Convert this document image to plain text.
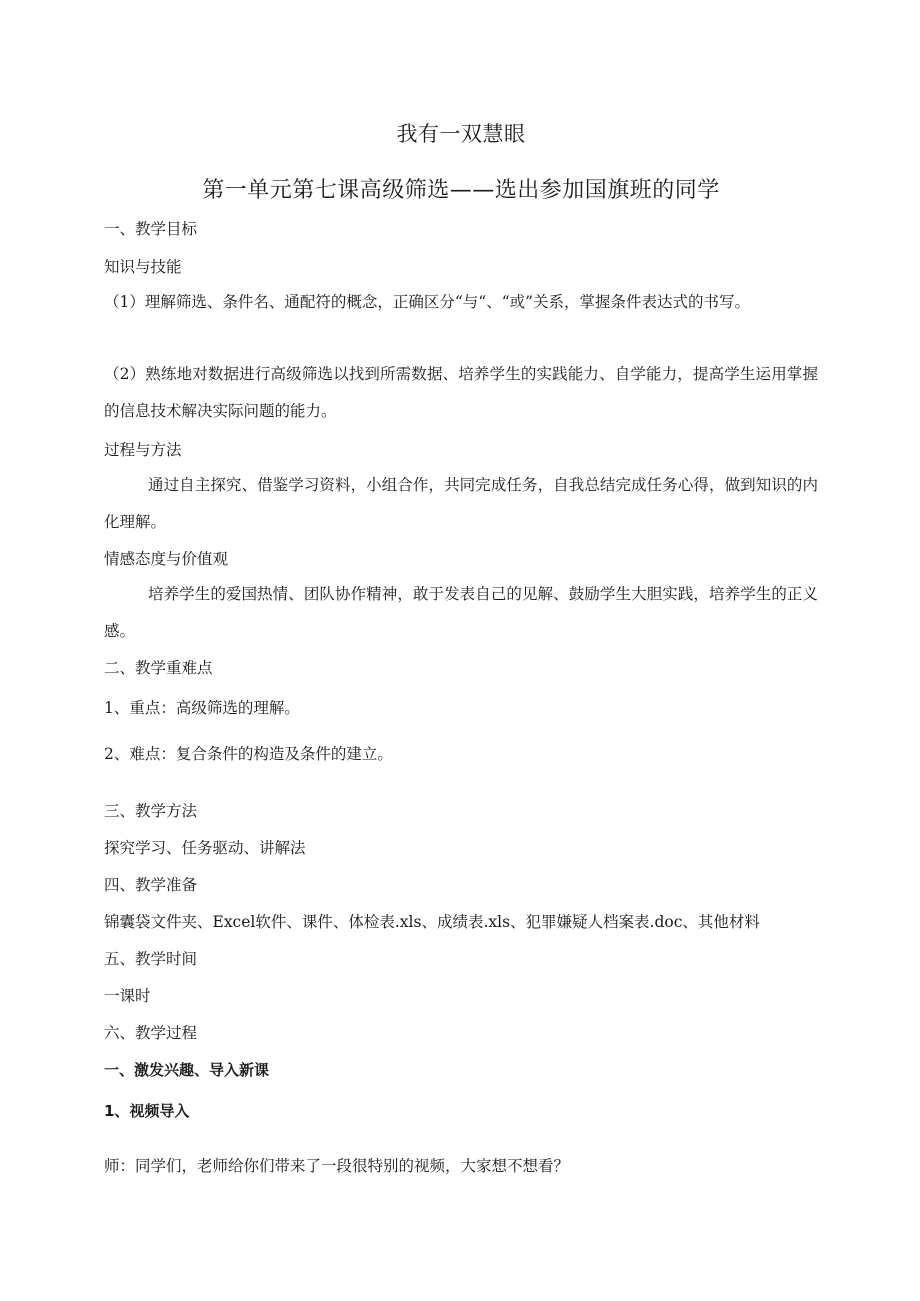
我有一双慧眼
第一单元第七课高级筛选——选出参加国旗班的同学
一、教学目标
知识与技能
（1）理解筛选、条件名、通配符的概念，正确区分“与“、“或”关系，掌握条件表达式的书写。
（2）熟练地对数据进行高级筛选以找到所需数据、培养学生的实践能力、自学能力，提高学生运用掌握的信息技术解决实际问题的能力。
过程与方法
通过自主探究、借鉴学习资料，小组合作，共同完成任务，自我总结完成任务心得，做到知识的内化理解。
情感态度与价值观
培养学生的爱国热情、团队协作精神，敢于发表自己的见解、鼓励学生大胆实践，培养学生的正义感。
二、教学重难点
1、重点：高级筛选的理解。
2、难点：复合条件的构造及条件的建立。
三、教学方法
探究学习、任务驱动、讲解法
四、教学准备
锦囊袋文件夹、Excel软件、课件、体检表.xls、成绩表.xls、犯罪嫌疑人档案表.doc、其他材料
五、教学时间
一课时
六、教学过程
一、激发兴趣、导入新课
1、视频导入
师：同学们，老师给你们带来了一段很特别的视频，大家想不想看？
